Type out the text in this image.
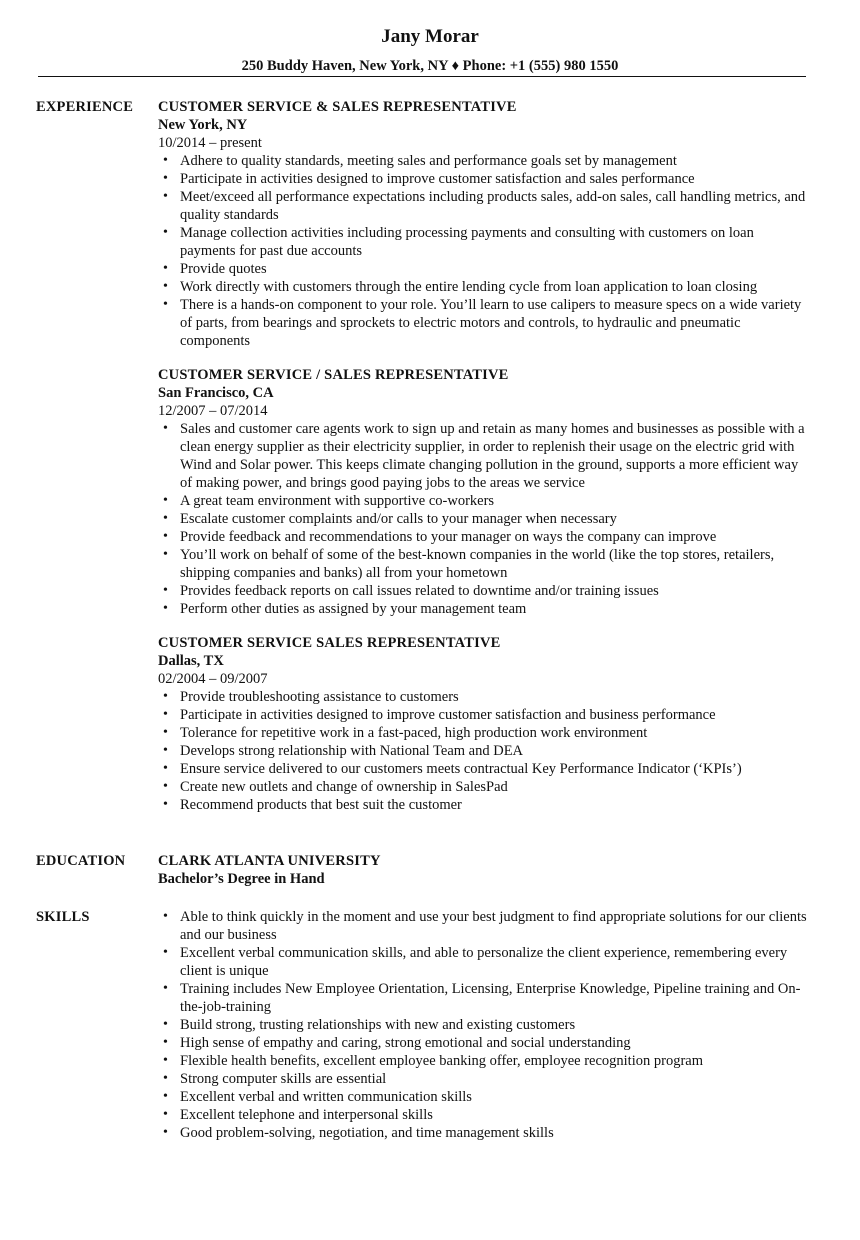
Jany Morar
250 Buddy Haven, New York, NY ♦ Phone: +1 (555) 980 1550
EXPERIENCE CUSTOMER SERVICE & SALES REPRESENTATIVE
New York, NY
10/2014 – present
• Adhere to quality standards, meeting sales and performance goals set by management
• Participate in activities designed to improve customer satisfaction and sales performance
• Meet/exceed all performance expectations including products sales, add-on sales, call handling metrics, and quality standards
• Manage collection activities including processing payments and consulting with customers on loan payments for past due accounts
• Provide quotes
• Work directly with customers through the entire lending cycle from loan application to loan closing
• There is a hands-on component to your role. You’ll learn to use calipers to measure specs on a wide variety of parts, from bearings and sprockets to electric motors and controls, to hydraulic and pneumatic components
CUSTOMER SERVICE / SALES REPRESENTATIVE
San Francisco, CA
12/2007 – 07/2014
• Sales and customer care agents work to sign up and retain as many homes and businesses as possible with a clean energy supplier as their electricity supplier, in order to replenish their usage on the electric grid with Wind and Solar power. This keeps climate changing pollution in the ground, supports a more efficient way of making power, and brings good paying jobs to the areas we service
• A great team environment with supportive co-workers
• Escalate customer complaints and/or calls to your manager when necessary
• Provide feedback and recommendations to your manager on ways the company can improve
• You’ll work on behalf of some of the best-known companies in the world (like the top stores, retailers, shipping companies and banks) all from your hometown
• Provides feedback reports on call issues related to downtime and/or training issues
• Perform other duties as assigned by your management team
CUSTOMER SERVICE SALES REPRESENTATIVE
Dallas, TX
02/2004 – 09/2007
• Provide troubleshooting assistance to customers
• Participate in activities designed to improve customer satisfaction and business performance
• Tolerance for repetitive work in a fast-paced, high production work environment
• Develops strong relationship with National Team and DEA
• Ensure service delivered to our customers meets contractual Key Performance Indicator (‘KPIs’)
• Create new outlets and change of ownership in SalesPad
• Recommend products that best suit the customer
EDUCATION CLARK ATLANTA UNIVERSITY
Bachelor’s Degree in Hand
SKILLS	• Able to think quickly in the moment and use your best judgment to find appropriate solutions for our clients and our business
• Excellent verbal communication skills, and able to personalize the client experience, remembering every client is unique
• Training includes New Employee Orientation, Licensing, Enterprise Knowledge, Pipeline training and On-the-job-training
• Build strong, trusting relationships with new and existing customers
• High sense of empathy and caring, strong emotional and social understanding
• Flexible health benefits, excellent employee banking offer, employee recognition program
• Strong computer skills are essential
• Excellent verbal and written communication skills
• Excellent telephone and interpersonal skills
• Good problem-solving, negotiation, and time management skills
